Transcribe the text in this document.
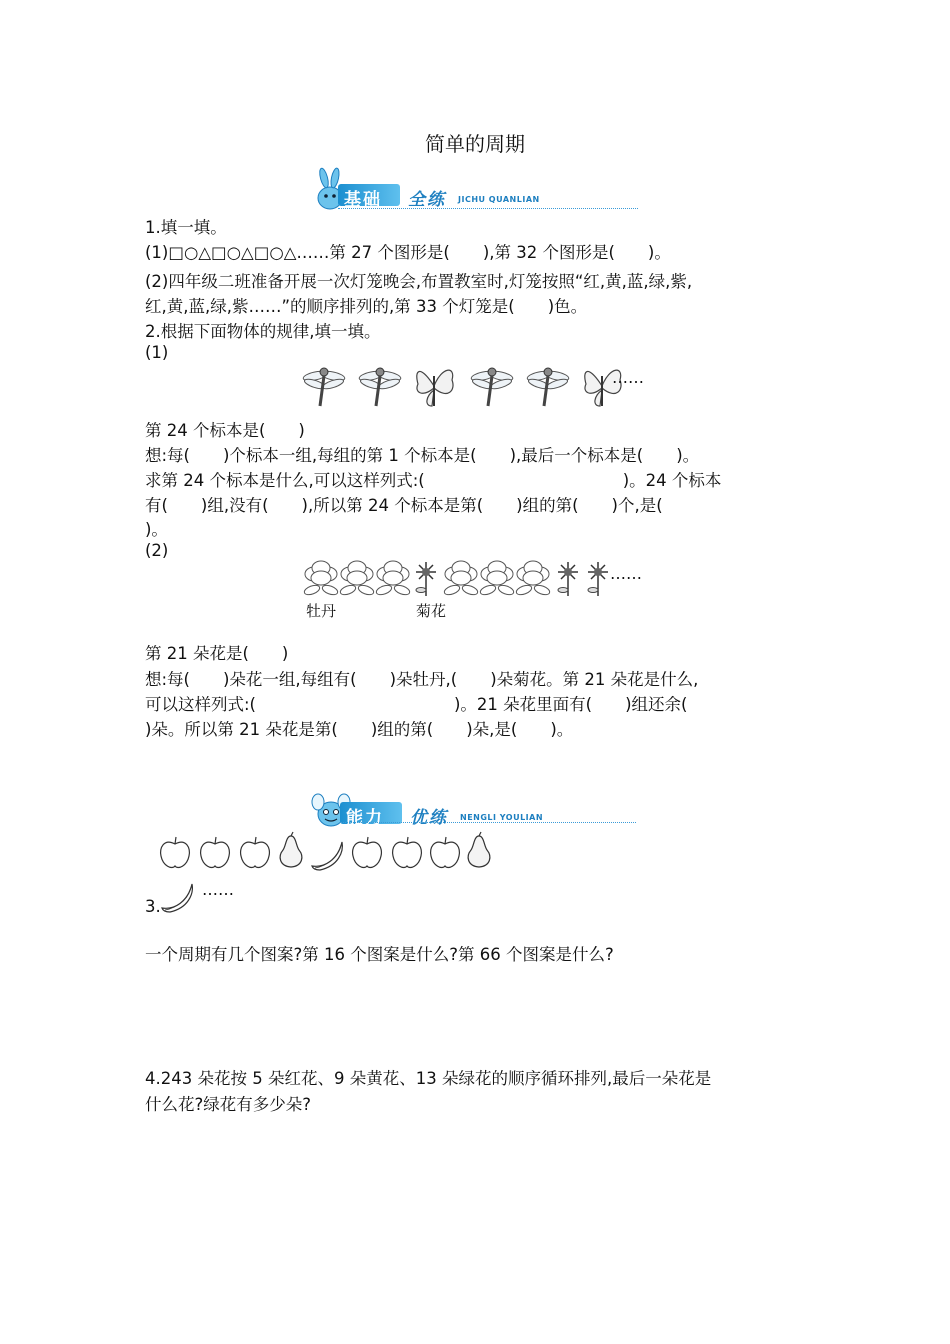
简单的周期
基础 全练 JICHU QUANLIAN
1.填一填。
(1)□○△□○△□○△……第 27 个图形是(　　),第 32 个图形是(　　)。
(2)四年级二班准备开展一次灯笼晚会,布置教室时,灯笼按照“红,黄,蓝,绿,紫,
红,黄,蓝,绿,紫……”的顺序排列的,第 33 个灯笼是(　　)色。
2.根据下面物体的规律,填一填。
(1)
……
第 24 个标本是(　　)
想:每(　　)个标本一组,每组的第 1 个标本是(　　),最后一个标本是(　　)。
求第 24 个标本是什么,可以这样列式:(　　　　　　　　　　　　)。24 个标本
有(　　)组,没有(　　),所以第 24 个标本是第(　　)组的第(　　)个,是(
)。
(2)
……
牡丹	菊花
第 21 朵花是(　　)
想:每(　　)朵花一组,每组有(　　)朵牡丹,(　　)朵菊花。第 21 朵花是什么,
可以这样列式:(　　　　　　　　　　　　)。21 朵花里面有(　　)组还余(
)朵。所以第 21 朵花是第(　　)组的第(　　)朵,是(　　)。
能力 优练 NENGLI YOULIAN
3.
……
一个周期有几个图案?第 16 个图案是什么?第 66 个图案是什么?
4.243 朵花按 5 朵红花、9 朵黄花、13 朵绿花的顺序循环排列,最后一朵花是
什么花?绿花有多少朵?
